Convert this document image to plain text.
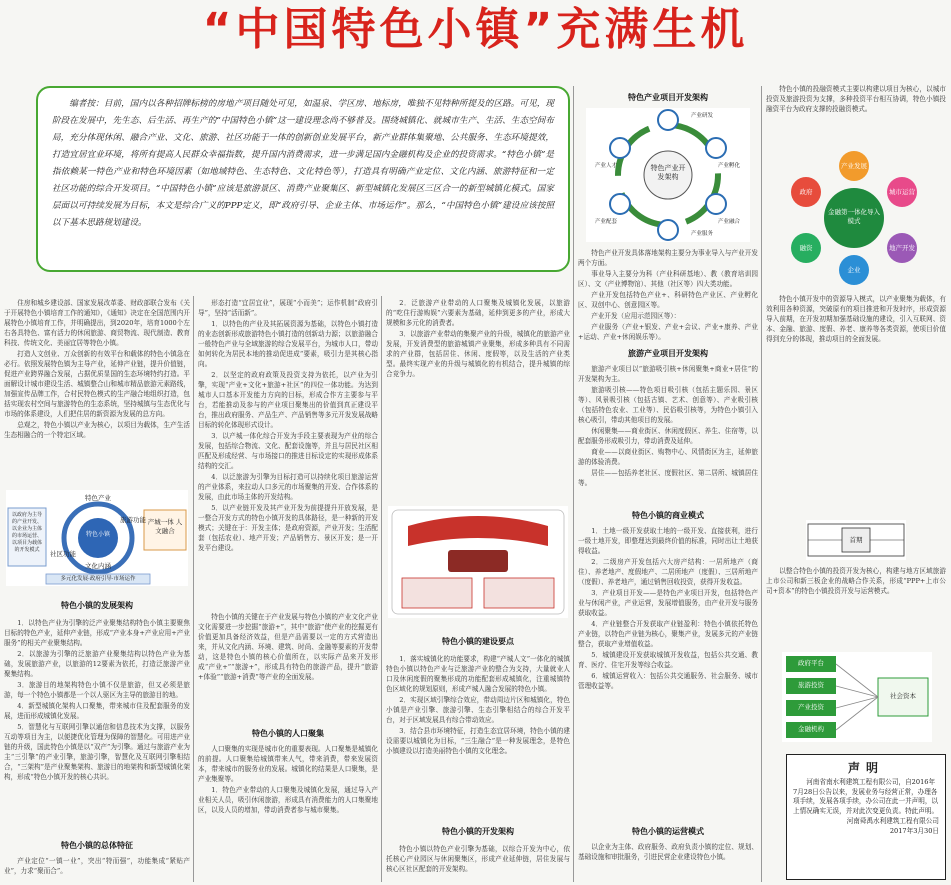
“中国特色小镇”充满生机

编者按：目前，国内以各种招牌标榜的房地产项目随处可见，如温泉、学区房、地标房，唯独不见特种所提及的区路。可见，现阶段在发展中，先生态、后生活、再生产的“中国特色小镇”这一建设理念尚不够普及。围绕城镇化、就城市生产、生活、生态空间布局，充分体现休闲、融合产业、文化、旅游、社区功能于一体的创新创业发展平台，新产业群体集聚地、公共服务、生态环境提效，打造宜居宜业环境，将所有提高人民群众幸福指数，提升国内消费需求，进一步满足国内金融机构及企业的投资需求。“特色小镇”是指依赖某一特色产业和特色环境因素（如地域特色、生态特色、文化特色等），打造具有明确产业定位、文化内涵、旅游特征和一定社区功能的综合开发项目。“中国特色小镇”应该是旅游景区、消费产业聚集区、新型城镇化发展区三区合一的新型城镇化模式。国家层面以可持续发展为目标，本文是综合广义的PPP定义，即“政府引导、企业主体、市场运作”。那么，“中国特色小镇”建设应该按照以下基本思路规划建设。

住房和城乡建设部、国家发展改革委、财政部联合发布《关于开展特色小镇培育工作的通知》，《通知》决定在全国范围内开展特色小镇培育工作，并明确提出，到2020年，培育1000个左右各具特色、富有活力的休闲旅游、商贸物流、现代制造、教育科技、传统文化、美丽宜居等特色小镇。

打造人文创业、万众创新的有效平台和载体的特色小镇急在必行。依照发展特色镇为主导产业，延伸产业链，提升价值链，促进产业跨界融合发展，占据优质显国的生态环境特约打造。平面解设计城市建设生活、城镇整合山和城市精品旅游元素路线，加强宣传品牌工作，合村民特色模式的生产融合地组织打造，包括实现农村空间与旅游特色的生态系统，坚持城镇与生态优化与市场的体系建设，人们把住居的新资源为发展的总方向。

总观之，特色小镇以产业为核心，以项目为载体，生产生活生态相融合的一个特定区域。

以政府为主导的产业开发、以企业为主体的市场运营、以项目为载体的开发模式
特色小镇
特色产业
旅游功能
文化内涵
社区功能
产城一体 人文融合
多元化发展·政府引导·市场运作
特色小镇的发展架构

1．以特色产业为引擎的泛产业聚集结构特色小镇主要聚焦目标的特色产业，延伸产业链，形成“产业本身+产业应用+产业服务”的相关产业聚集结构。

2．以旅游为引擎的泛旅游产业聚集结构以特色产业为基础，发展旅游产业，以旅游的12要素为依托，打造泛旅游产业聚集结构。

3．旅游目的地架构特色小镇不仅是旅游，但又必须是旅游，每一个特色小镇都是一个以人驱区为主导的旅游目的地。

4．新型城镇化架构人口聚集，带来城市住及配套服务的发展，进而形成城镇化发展。

5．智慧化与互联网引擎以通信和信息技术为支撑，以服务互动等项目为主，以便捷优化管理为保障的智慧化。可用进产业链的升级，国此特色小镇是以“双产”为引擎。通过与旅游产业为主“三引擎”的产业引擎，旅游引擎，智慧化及互联网引擎相结合，“三架构”是产业聚集架构、旅游目的地架构和新型城镇化架构，形成“特色小镇开发的核心共识。

特色小镇的总体特征

产业定位“一镇一业”，突出“特而强”，功能集成“紧贴产业”，力求“聚而合”。

形态打造“宜居宜业”，展现“小而美”；运作机制“政府引导”，坚持“活而新”。

1．以特色的产业及其拓展资源为基础，以特色小镇打造的业态创新形成旅游特色小镇打造的创新动力源；以旅游融合一般特色产业与全域旅游的综合发展平台，为城市人口，带动如何转化为居民本地的推动促进成“要素，吸引力是其核心指向。

2．以坚定的政府政策及投资支持为依托，以产业为引擎，实现“产业+文化+旅游+社区”的四位一体功能。为达到城市人口基本开发能力方向的目标，形成合作方主要参与平台，若能推动及参与的产业项目聚集出的价值到真正建设平台，推出政府服务、产品生产、产品销售等多元开发发展战略目标的转化体现形式设计。

3．以产城一体化综合开发为手段主要表现为产业的综合发展，包括综合物流、文化、配套设施等，并且与居民社区相匹配及形成经营、与市场接口的推进目标设定的实现形成体系结构的交汇。

4．以泛旅游为引擎为目标打造可以持续化项目旅游运营的产业体系，来拉动人口多元的市场聚集的开发、合作体系的发展，由此市场主体的开发结构。

5．以产业链开发及其产业开发为前提提升开放发展，是一整合开发方式的特色小镇开发的具体路径，是一种新的开发模式；关键在于：开发主体；是政府资源，产业开发；生活配套（包括农业）、地产开发；产品销售方、景区开发；是一开发平台建设。

特色小镇的关键在于产业发展与特色小镇的产业文化产业文化需要进一步挖掘“旅游+”，其中“旅游”使产业的挖掘更有价值更加具备经济效益，但是产品需要以一定的方式营造出来，并从文化内涵、环境、建筑、时尚、金融等要素的开发带动，这是特色小镇的核心价值所在，以实际产品来开发形成“产业+”“旅游+”，形成具有特色的旅游产品，提升“旅游+体验”“旅游+消费”等产业的全面发展。

特色小镇的人口聚集

人口聚集的实现是城市化的重要表现。人口聚集是城镇化的前提。人口聚集给城镇带来人气，带来消费，带来发展资本，带来城市的服务业的发展。城镇化的结果是人口聚集，是产业集聚等。

1．特色产业带动的人口聚集及城镇化发展，通过导入产业相关人员，吸引休闲旅游，形成具有消费能力的人口集聚地区，以及人员的增加，带动消费者参与城市聚集。

2．泛旅游产业带动的人口聚集及城镇化发展，以旅游的“吃住行游购娱”六要素为基础，延伸到更多的产业，形成大规模和多元化的消费者。

3．以旅游产业带动的集聚产业的升级，城镇化的旅游产业发展，开发消费型的旅游城镇产业聚集，形成多种具有不同需求的产业群，包括居住、休闲、度假等，以及生活的产业类型。最终实现产业的升级与城镇化的有机结合，提升城镇的综合竞争力。

特色小镇的建设要点

1．落实城镇化的功能要求，构建“产城人文”一体化的城镇特色小镇以特色产业与泛旅游产业的整合为支持，大量就业人口及休闲度假的聚集形成的功能配套形成城镇化，注重城镇特色区域化的规划原则，形成产城人融合发展的特色小镇。

2．实现区域引擎综合效应，带动周边片区和城镇化，特色小镇是产业引擎、旅游引擎、生态引擎相结合的综合开发平台，对于区域发展具有综合带动效应。

3．结合县市环境特征，打造生态宜居环境，特色小镇的建设需要以城镇化为目标，“三生融合”是一种发展理念，是特色小镇建设以打造美丽特色小镇的文化理念。

特色小镇的开发架构

特色小镇以特色产业引擎为基础，以综合开发为中心，依托核心产业园区与休闲聚集区，形成产业延伸链，居住发展与核心区社区配套的开发架构。

特色产业项目开发架构
特色产业开发架构
产业研发
产业孵化
产业融合
产业服务
产业配套
产业人才

特色产业开发具体落地架构主要分为事业导入与产业开发两个方面。

事业导入主要分为科（产业科研基地）、教（教育培训园区）、文（产业博物馆）、其他（社区等）四大类功能。

产业开发包括特色产业+、科研特色产业区、产业孵化区、双创中心、创意园区等。

产业开发（应用示范园区等）：

产业服务（产业+银发、产业+会议、产业+康养、产业+运动、产业+休闲娱乐等）。

旅游产业项目开发架构

旅游产业项目以“旅游吸引核+休闲聚集+商业+居住”的开发架构为主。

旅游吸引核——特色项目吸引核（包括主题乐园、景区等）、风景吸引核（包括古镇、艺术、创意等）、产业吸引核（包括特色农业、工业等）、民俗吸引核等，为特色小镇引入核心吸引，带动其他项目的发展。

休闲聚集——商业街区、休闲度假区、养生、住宿等，以配套服务形成吸引力，带动消费及延伸。

商业——以商业街区、购物中心、风情街区为主，延伸旅游的体验消费。

居住——包括养老社区、度假社区、第二居所、城镇居住等。

特色小镇的商业模式

1．土地一级开发获取土地的一级开发、直接获利，进行一级土地开发，即整理达到最终价值的标准，同时出让土地获得收益。

2．二级房产开发包括六大房产结构：一居所地产（商住）、养老地产、度假地产、二居所地产（度假）、三居所地产（度假）、养老地产，通过销售回收投资，获得开发收益。

3．产业项目开发——是特色产业项目开发，包括特色产业与休闲产业，产业运营，发展增值服务，由产业开发与服务获取收益。

4．产业链整合开发获取产业链盈利：特色小镇依托特色产业链，以特色产业链为核心，聚集产业，发展多元的产业链整合，获取产业增值收益。

5．城镇建设开发获取城镇开发收益，包括公共交通、教育、医疗、住宅开发等综合收益。

6．城镇运营收入：包括公共交通服务、社会服务、城市管理收益等。

特色小镇的运营模式

以企业为主体、政府服务、政府负责小镇的定位、规划、基础设施和审批服务，引进民营企业建设特色小镇。

特色小镇的投融资模式主要以构建以项目为核心，以城市投资及旅游投资为支撑，多种投资平台相互协调，特色小镇投融资平台为政府支撑的投融资模式。

金融第一体化导入模式
产业发展
城市运营
地产开发
企业
融资
政府

特色小镇开发中的资源导入模式，以产业聚集为载体，有效利用各种资源，突破原有的项目推进和开发时序，形成资源导入前期，在开发初期加强基础设施的建设，引入互联网、资本、金融、旅游、度假、养老、康养等各类资源，使项目价值得到充分的体现，推动项目的全面发展。

首期

以整合特色小镇的投资开发为核心，构建与地方区域旅游上市公司和新三板企业的战略合作关系，形成“PPP+上市公司+资本”的特色小镇投资开发与运营模式。

政府平台
旅游投资
产业投资
金融机构
社会资本
声明

河南省南水利建筑工程有限公司，自2016年7月28日公告以来，发展业务与经营正常，办理各项手续，发展各项手续，办公司在此一并声明，以上情况确实无误，并对此次变更负责。特此声明。

河南舜禹水利建筑工程有限公司
2017年3月30日
